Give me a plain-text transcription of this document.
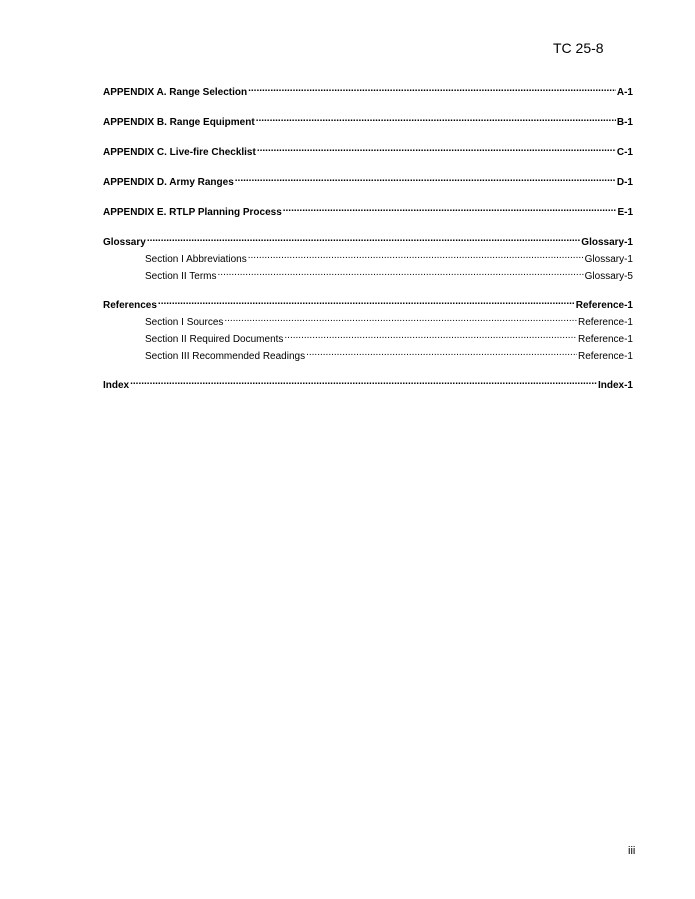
TC 25-8
APPENDIX A. Range Selection .....	A-1
APPENDIX B. Range Equipment .....	B-1
APPENDIX C. Live-fire Checklist .....	C-1
APPENDIX D. Army Ranges .....	D-1
APPENDIX E. RTLP Planning Process .....	E-1
Glossary .....	Glossary-1
Section I Abbreviations .....	Glossary-1
Section II Terms .....	Glossary-5
References .....	Reference-1
Section I Sources .....	Reference-1
Section II Required Documents .....	Reference-1
Section III Recommended Readings .....	Reference-1
Index .....	Index-1
iii
